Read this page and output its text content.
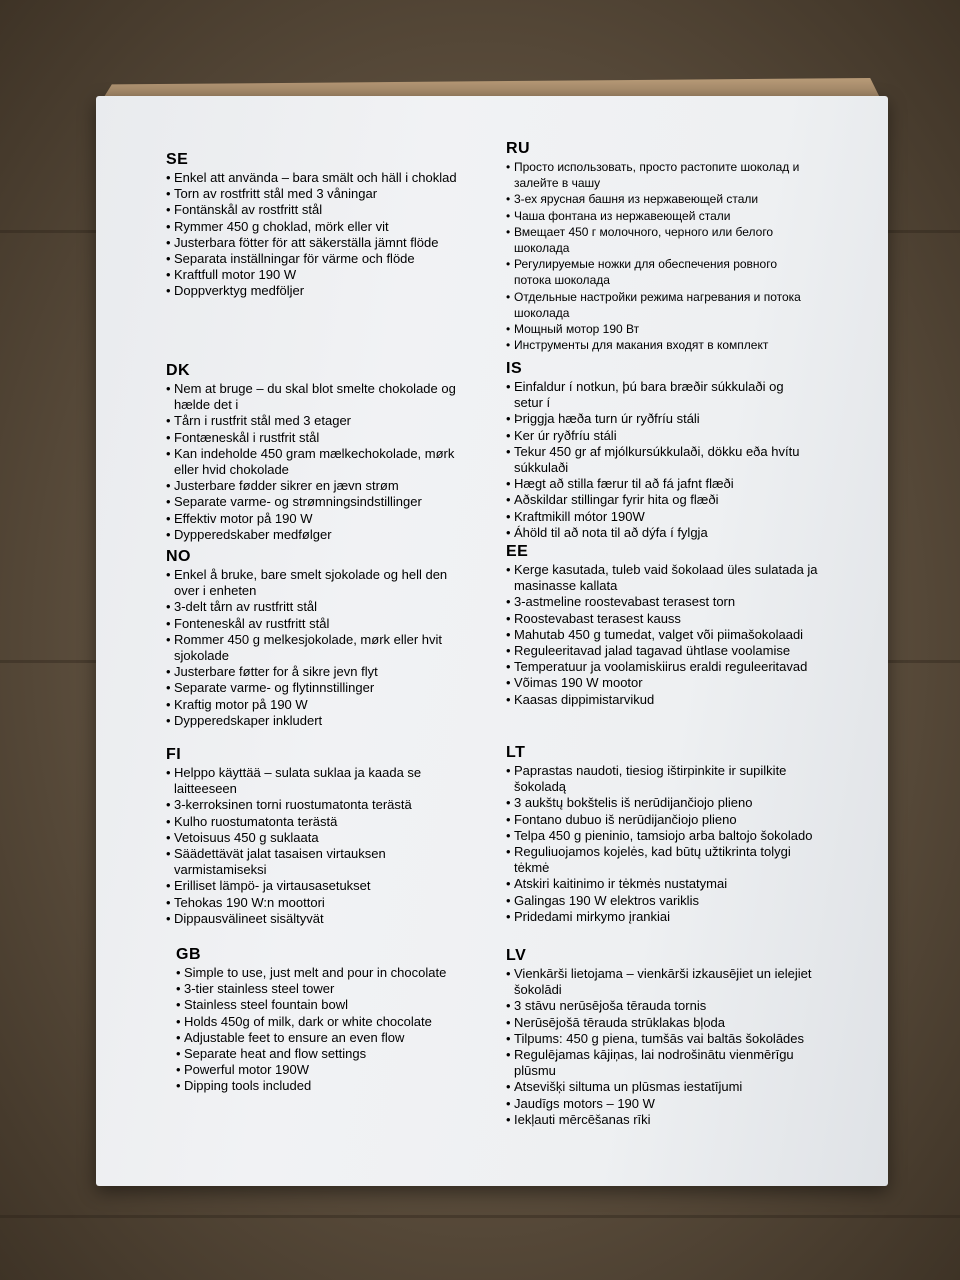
SE
• Enkel att använda – bara smält och häll i choklad
• Torn av rostfritt stål med 3 våningar
• Fontänskål av rostfritt stål
• Rymmer 450 g choklad, mörk eller vit
• Justerbara fötter för att säkerställa jämnt flöde
• Separata inställningar för värme och flöde
• Kraftfull motor 190 W
• Doppverktyg medföljer
DK
• Nem at bruge – du skal blot smelte chokolade og hælde det i
• Tårn i rustfrit stål med 3 etager
• Fontæneskål i rustfrit stål
• Kan indeholde 450 gram mælkechokolade, mørk eller hvid chokolade
• Justerbare fødder sikrer en jævn strøm
• Separate varme- og strømningsindstillinger
• Effektiv motor på 190 W
• Dypperedskaber medfølger
NO
• Enkel å bruke, bare smelt sjokolade og hell den over i enheten
• 3-delt tårn av rustfritt stål
• Fonteneskål av rustfritt stål
• Rommer 450 g melkesjokolade, mørk eller hvit sjokolade
• Justerbare føtter for å sikre jevn flyt
• Separate varme- og flytinnstillinger
• Kraftig motor på 190 W
• Dypperedskaper inkludert
FI
• Helppo käyttää – sulata suklaa ja kaada se laitteeseen
• 3-kerroksinen torni ruostumatonta terästä
• Kulho ruostumatonta terästä
• Vetoisuus 450 g suklaata
• Säädettävät jalat tasaisen virtauksen varmistamiseksi
• Erilliset lämpö- ja virtausasetukset
• Tehokas 190 W:n moottori
• Dippausvälineet sisältyvät
GB
• Simple to use, just melt and pour in chocolate
• 3-tier stainless steel tower
• Stainless steel fountain bowl
• Holds 450g of milk, dark or white chocolate
• Adjustable feet to ensure an even flow
• Separate heat and flow settings
• Powerful motor 190W
• Dipping tools included
RU
• Просто использовать, просто растопите шоколад и залейте в чашу
• 3-ех ярусная башня из нержавеющей стали
• Чаша фонтана из нержавеющей стали
• Вмещает 450 г молочного, черного или белого шоколада
• Регулируемые ножки для обеспечения ровного потока шоколада
• Отдельные настройки режима нагревания и потока шоколада
• Мощный мотор 190 Вт
• Инструменты для макания входят в комплект
IS
• Einfaldur í notkun, þú bara bræðir súkkulaði og setur í
• Þriggja hæða turn úr ryðfríu stáli
• Ker úr ryðfríu stáli
• Tekur 450 gr af mjólkursúkkulaði, dökku eða hvítu súkkulaði
• Hægt að stilla færur til að fá jafnt flæði
• Aðskildar stillingar fyrir hita og flæði
• Kraftmikill mótor 190W
• Áhöld til að nota til að dýfa í fylgja
EE
• Kerge kasutada, tuleb vaid šokolaad üles sulatada ja masinasse kallata
• 3-astmeline roostevabast terasest torn
• Roostevabast terasest kauss
• Mahutab 450 g tumedat, valget või piimašokolaadi
• Reguleeritavad jalad tagavad ühtlase voolamise
• Temperatuur ja voolamiskiirus eraldi reguleeritavad
• Võimas 190 W mootor
• Kaasas dippimistarvikud
LT
• Paprastas naudoti, tiesiog ištirpinkite ir supilkite šokoladą
• 3 aukštų bokštelis iš nerūdijančiojo plieno
• Fontano dubuo iš nerūdijančiojo plieno
• Telpa 450 g pieninio, tamsiojo arba baltojo šokolado
• Reguliuojamos kojelės, kad būtų užtikrinta tolygi tėkmė
• Atskiri kaitinimo ir tėkmės nustatymai
• Galingas 190 W elektros variklis
• Pridedami mirkymo įrankiai
LV
• Vienkārši lietojama – vienkārši izkausējiet un ielejiet šokolādi
• 3 stāvu nerūsējoša tērauda tornis
• Nerūsējošā tērauda strūklakas bļoda
• Tilpums: 450 g piena, tumšās vai baltās šokolādes
• Regulējamas kājiņas, lai nodrošinātu vienmērīgu plūsmu
• Atsevišķi siltuma un plūsmas iestatījumi
• Jaudīgs motors – 190 W
• Iekļauti mērcēšanas rīki
